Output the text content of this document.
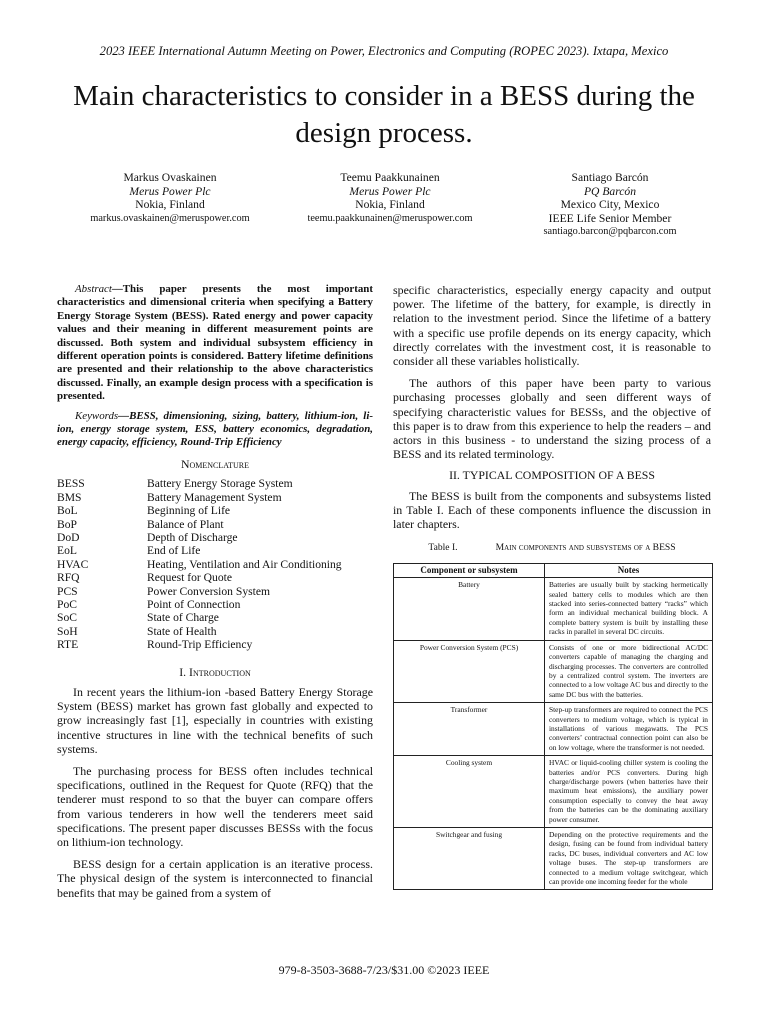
2023 IEEE International Autumn Meeting on Power, Electronics and Computing (ROPEC 2023). Ixtapa, Mexico
Main characteristics to consider in a BESS during the design process.
Markus Ovaskainen
Merus Power Plc
Nokia, Finland
markus.ovaskainen@meruspower.com
Teemu Paakkunainen
Merus Power Plc
Nokia, Finland
teemu.paakkunainen@meruspower.com
Santiago Barcón
PQ Barcón
Mexico City, Mexico
IEEE Life Senior Member
santiago.barcon@pqbarcon.com

Abstract—This paper presents the most important characteristics and dimensional criteria when specifying a Battery Energy Storage System (BESS). Rated energy and power capacity values and their meaning in different measurement points are discussed. Both system and individual subsystem efficiency in different operation points is considered. Battery lifetime definitions are presented and their relationship to the above characteristics discussed. Finally, an example design process with a specification is presented.

Keywords—BESS, dimensioning, sizing, battery, lithium-ion, li-ion, energy storage system, ESS, battery economics, degradation, energy capacity, efficiency, Round-Trip Efficiency

Nomenclature
BESS	Battery Energy Storage System
BMS	Battery Management System
BoL	Beginning of Life
BoP	Balance of Plant
DoD	Depth of Discharge
EoL	End of Life
HVAC	Heating, Ventilation and Air Conditioning
RFQ	Request for Quote
PCS	Power Conversion System
PoC	Point of Connection
SoC	State of Charge
SoH	State of Health
RTE	Round-Trip Efficiency
I. Introduction

In recent years the lithium-ion -based Battery Energy Storage System (BESS) market has grown fast globally and expected to grow increasingly fast [1], especially in countries with existing incentive structures in line with the technical benefits of such systems.

The purchasing process for BESS often includes technical specifications, outlined in the Request for Quote (RFQ) that the tenderer must respond to so that the buyer can compare offers from various tenderers in how well the tenderers meet said specifications. The present paper discusses BESSs with the focus on lithium-ion technology.

BESS design for a certain application is an iterative process. The physical design of the system is interconnected to financial benefits that may be gained from a system of

specific characteristics, especially energy capacity and output power. The lifetime of the battery, for example, is directly in relation to the investment period. Since the lifetime of a battery with a specific use profile depends on its energy capacity, which directly correlates with the investment cost, it is reasonable to consider all these variables holistically.

The authors of this paper have been party to various purchasing processes globally and seen different ways of specifying characteristic values for BESSs, and the objective of this paper is to draw from this experience to help the readers – and actors in this business - to understand the sizing process of a BESS and its related terminology.

II. TYPICAL COMPOSITION OF A BESS

The BESS is built from the components and subsystems listed in Table I. Each of these components influence the discussion in later chapters.

Table I.	Main components and subsystems of a BESS
Component or subsystem	Notes
Battery	Batteries are usually built by stacking hermetically sealed battery cells to modules which are then stacked into series-connected battery “racks” which form an individual mechanical building block. A complete battery system is built by installing these racks in parallel in several DC circuits.
Power Conversion System (PCS)	Consists of one or more bidirectional AC/DC converters capable of managing the charging and discharging processes. The converters are controlled by a centralized control system. The inverters are connected to a low voltage AC bus and directly to the same DC bus with the batteries.
Transformer	Step-up transformers are required to connect the PCS converters to medium voltage, which is typical in installations of various megawatts. The PCS converters’ contractual connection point can also be on low voltage, where the transformer is not needed.
Cooling system	HVAC or liquid-cooling chiller system is cooling the batteries and/or PCS converters. During high charge/discharge powers (when batteries have their maximum heat emissions), the auxiliary power consumption especially to convey the heat away from the batteries can be the dominating auxiliary power consumer.
Switchgear and fusing	Depending on the protective requirements and the design, fusing can be found from individual battery racks, DC buses, individual converters and AC low voltage buses. The step-up transformers are connected to a medium voltage switchgear, which can provide one incoming feeder for the whole
979-8-3503-3688-7/23/$31.00 ©2023 IEEE
